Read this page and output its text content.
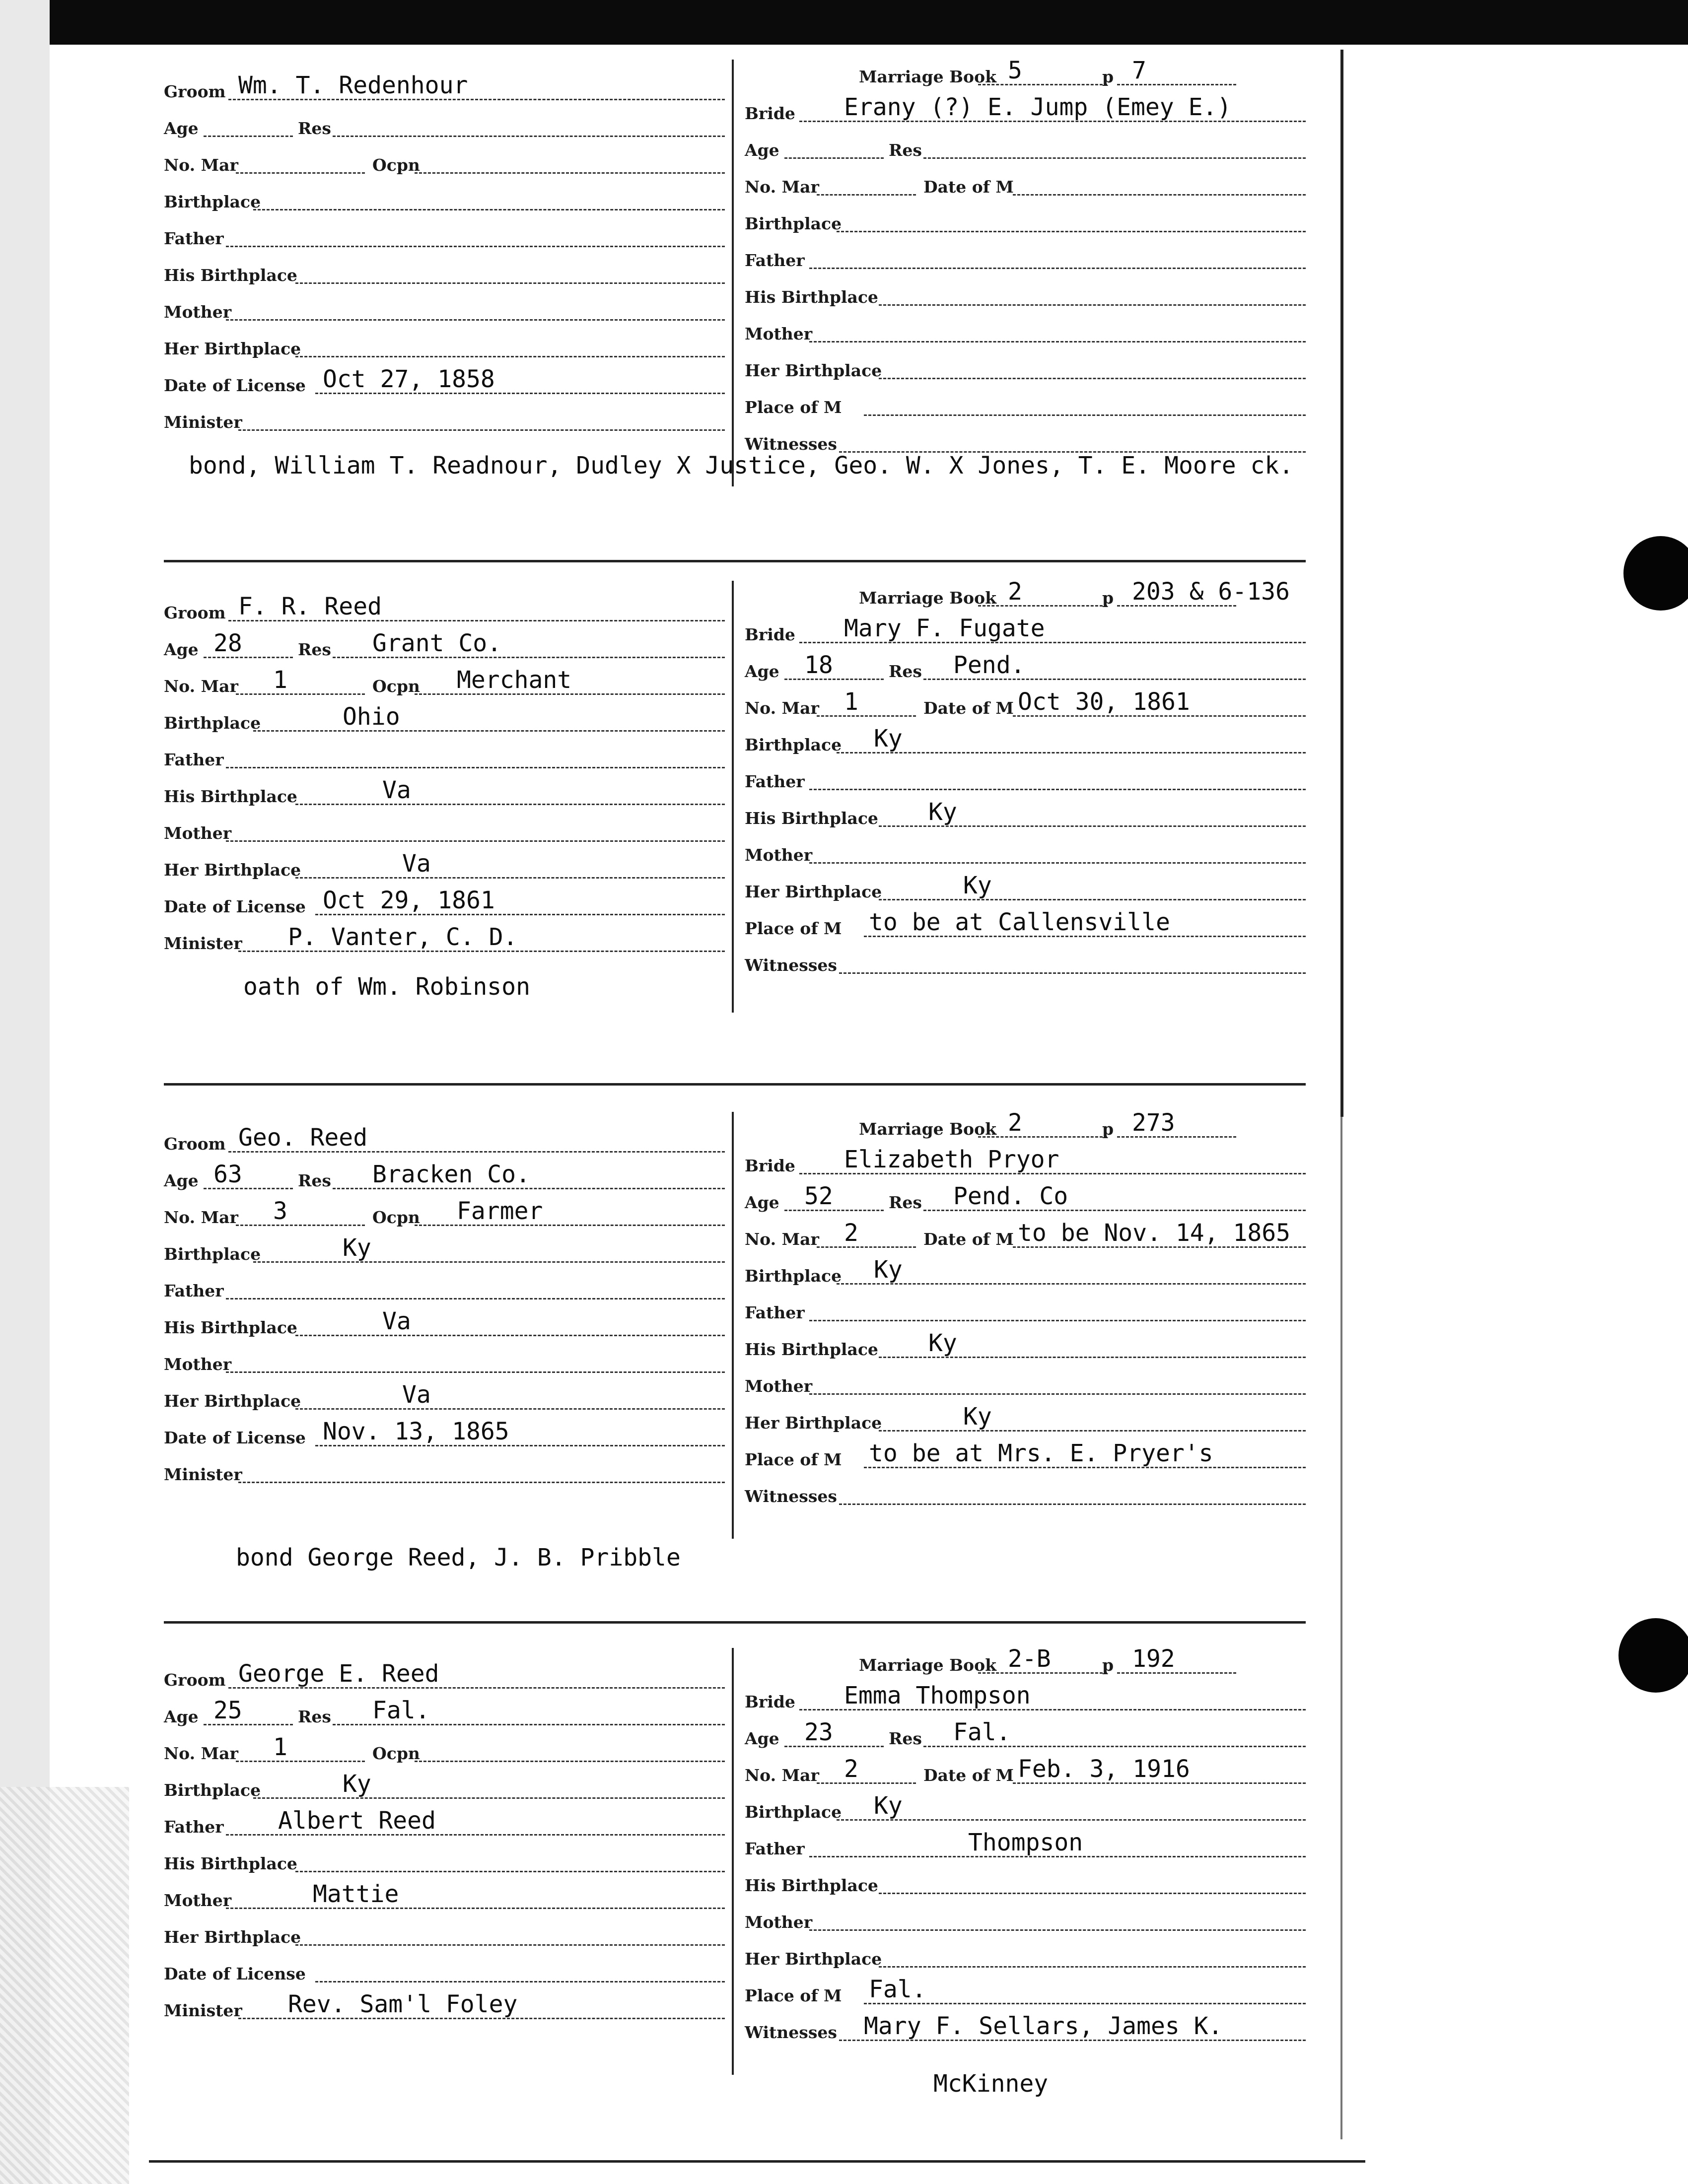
Groom Wm. T. Redenhour
Age	Res
No. Mar	Ocpn
Birthplace
Father
His Birthplace
Mother
Her Birthplace
Date of License Oct 27, 1858
Minister
Marriage Book 5	p 7
Bride Erany (?) E. Jump (Emey E.)
Age	Res
No. Mar	Date of M
Birthplace
Father
His Birthplace
Mother
Her Birthplace
Place of M
Witnesses
bond, William T. Readnour, Dudley X Justice, Geo. W. X Jones, T. E. Moore ck.
Groom F. R. Reed
Age 28	Res Grant Co.
No. Mar 1	Ocpn Merchant
Birthplace	Ohio
Father
His Birthplace	Va
Mother
Her Birthplace	Va
Date of License Oct 29, 1861
Minister P. Vanter, C. D.
Marriage Book 2	p 203 & 6-136
Bride Mary F. Fugate
Age 18	Res Pend.
No. Mar 1	Date of M Oct 30, 1861
Birthplace Ky
Father
His Birthplace Ky
Mother
Her Birthplace	Ky
Place of M to be at Callensville
Witnesses
oath of Wm. Robinson
Groom Geo. Reed
Age 63	Res Bracken Co.
No. Mar 3	Ocpn Farmer
Birthplace	Ky
Father
His Birthplace	Va
Mother
Her Birthplace	Va
Date of License Nov. 13, 1865
Minister
Marriage Book 2	p 273
Bride Elizabeth Pryor
Age 52	Res Pend. Co
No. Mar 2	Date of M to be Nov. 14, 1865
Birthplace Ky
Father
His Birthplace Ky
Mother
Her Birthplace	Ky
Place of M to be at Mrs. E. Pryer's
Witnesses
bond George Reed, J. B. Pribble
Groom George E. Reed
Age 25	Res Fal.
No. Mar 1	Ocpn
Birthplace	Ky
Father Albert Reed
His Birthplace
Mother	Mattie
Her Birthplace
Date of License
Minister Rev. Sam'l Foley
Marriage Book 2-B	p 192
Bride Emma Thompson
Age 23	Res Fal.
No. Mar 2	Date of M Feb. 3, 1916
Birthplace Ky
Father	Thompson
His Birthplace
Mother
Her Birthplace
Place of M Fal.
Witnesses Mary F. Sellars, James K.
McKinney
